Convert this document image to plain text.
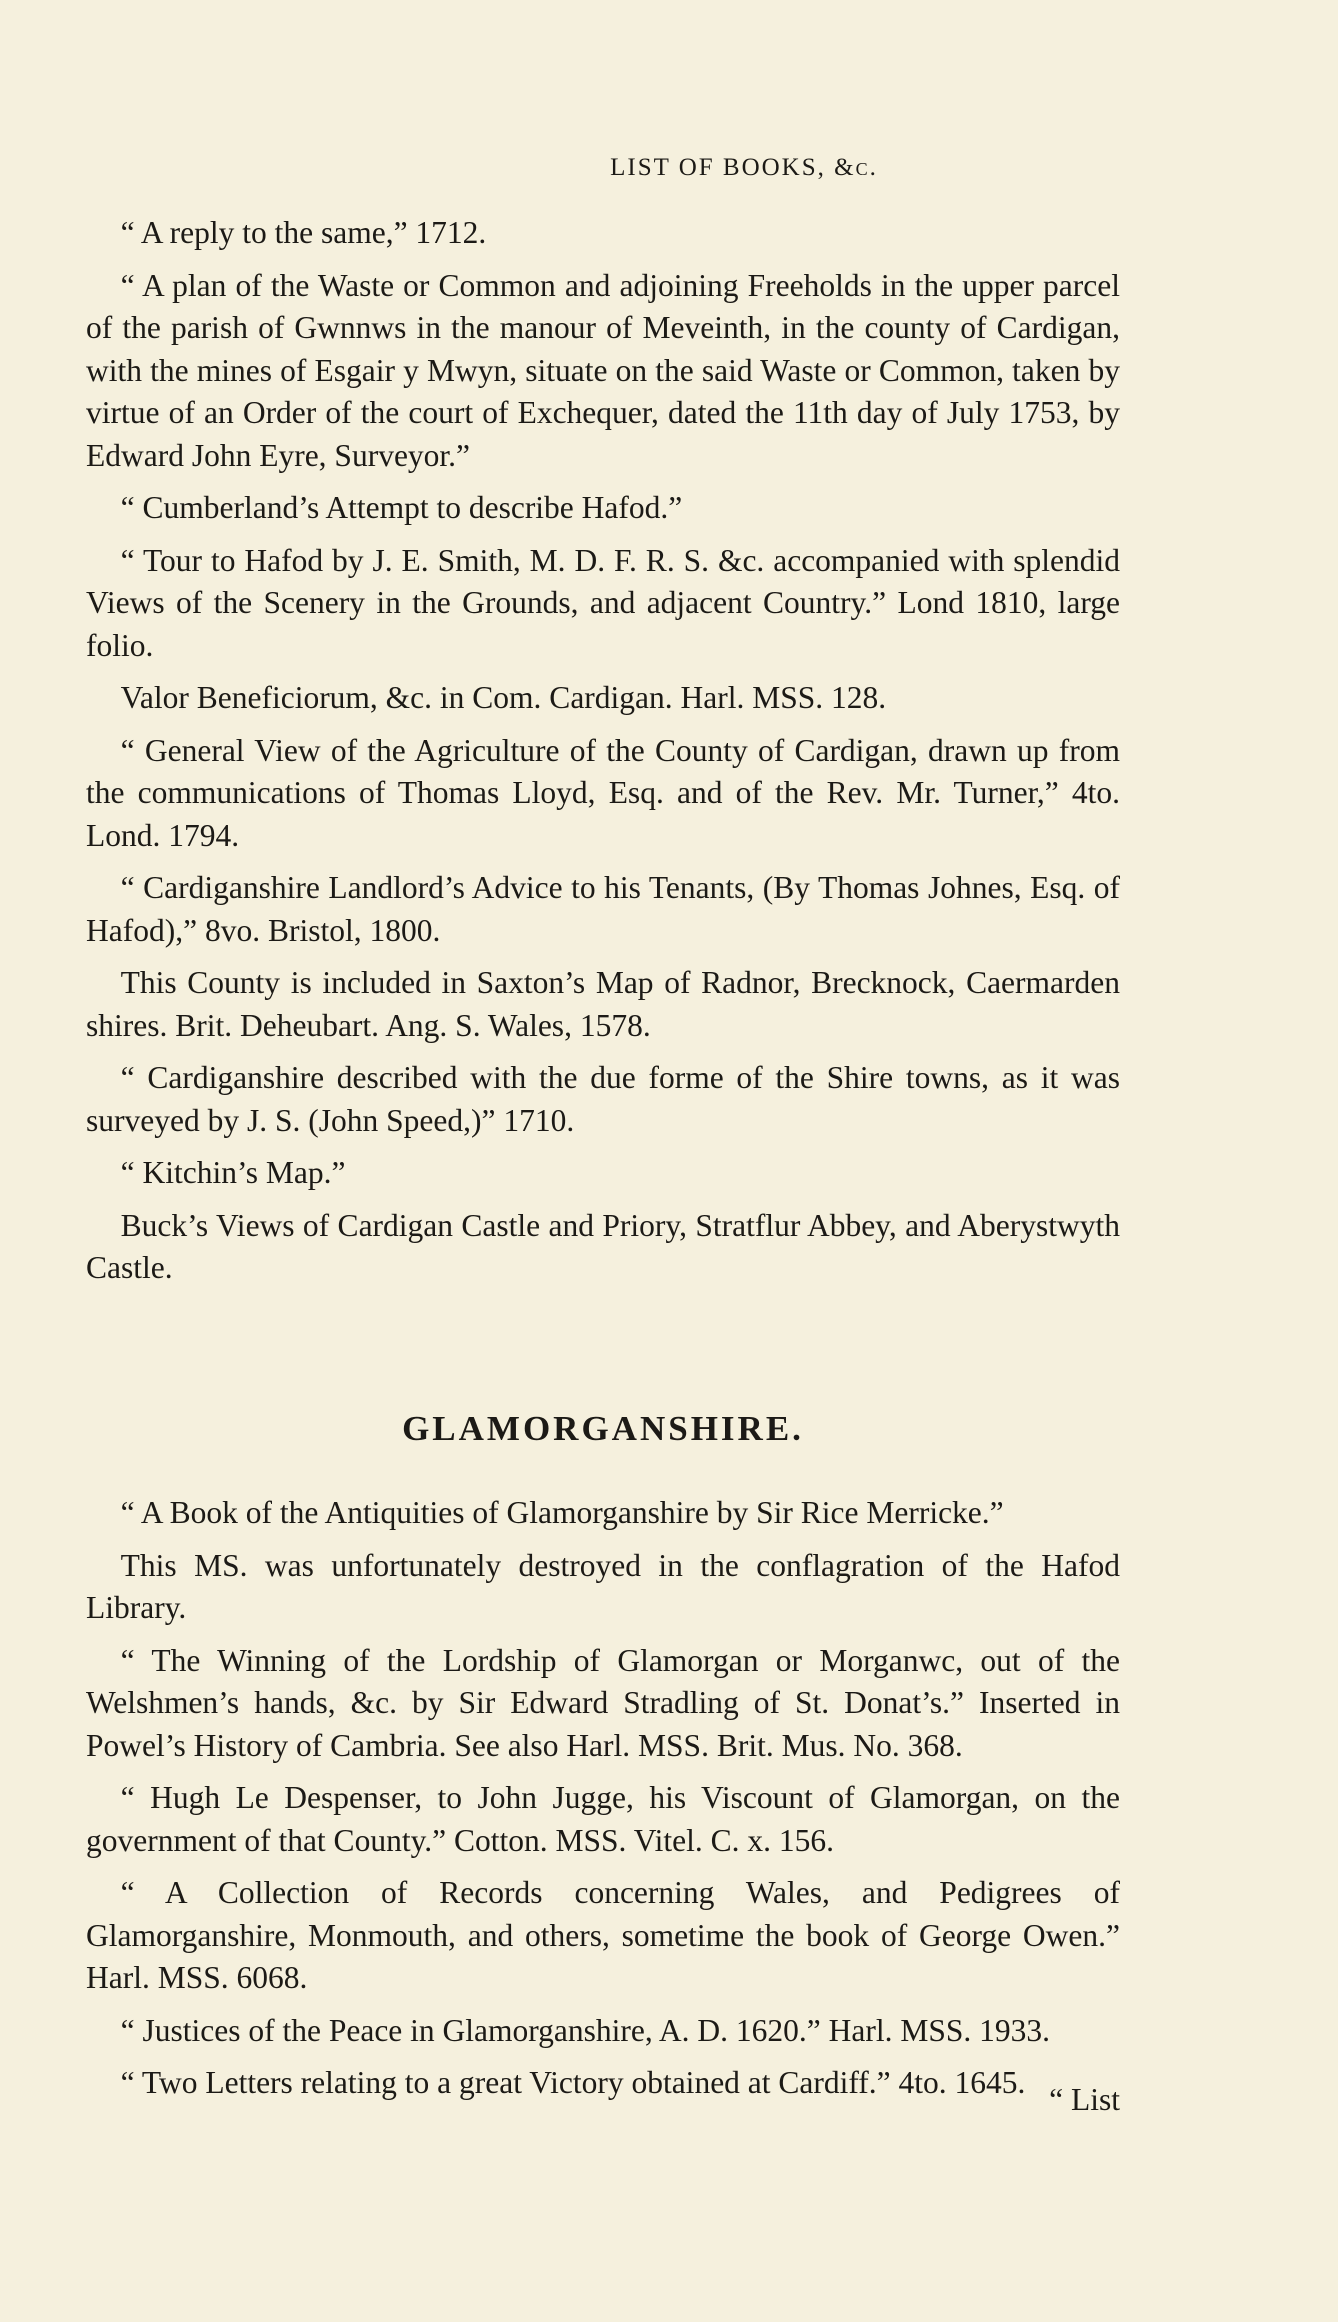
LIST OF BOOKS, &c.

“ A reply to the same,” 1712.

“ A plan of the Waste or Common and adjoining Freeholds in the upper parcel of the parish of Gwnnws in the manour of Meveinth, in the county of Cardigan, with the mines of Esgair y Mwyn, situate on the said Waste or Common, taken by virtue of an Order of the court of Exchequer, dated the 11th day of July 1753, by Edward John Eyre, Surveyor.”

“ Cumberland’s Attempt to describe Hafod.”

“ Tour to Hafod by J. E. Smith, M. D. F. R. S. &c. accompanied with splendid Views of the Scenery in the Grounds, and adjacent Country.” Lond 1810, large folio.

Valor Beneficiorum, &c. in Com. Cardigan. Harl. MSS. 128.

“ General View of the Agriculture of the County of Cardigan, drawn up from the communications of Thomas Lloyd, Esq. and of the Rev. Mr. Turner,” 4to. Lond. 1794.

“ Cardiganshire Landlord’s Advice to his Tenants, (By Thomas Johnes, Esq. of Hafod),” 8vo. Bristol, 1800.

This County is included in Saxton’s Map of Radnor, Brecknock, Caermarden shires. Brit. Deheubart. Ang. S. Wales, 1578.

“ Cardiganshire described with the due forme of the Shire towns, as it was surveyed by J. S. (John Speed,)” 1710.

“ Kitchin’s Map.”

Buck’s Views of Cardigan Castle and Priory, Stratflur Abbey, and Aberystwyth Castle.

GLAMORGANSHIRE.

“ A Book of the Antiquities of Glamorganshire by Sir Rice Merricke.”

This MS. was unfortunately destroyed in the conflagration of the Hafod Library.

“ The Winning of the Lordship of Glamorgan or Morganwc, out of the Welshmen’s hands, &c. by Sir Edward Stradling of St. Donat’s.” Inserted in Powel’s History of Cambria. See also Harl. MSS. Brit. Mus. No. 368.

“ Hugh Le Despenser, to John Jugge, his Viscount of Glamorgan, on the government of that County.” Cotton. MSS. Vitel. C. x. 156.

“ A Collection of Records concerning Wales, and Pedigrees of Glamorganshire, Monmouth, and others, sometime the book of George Owen.” Harl. MSS. 6068.

“ Justices of the Peace in Glamorganshire, A. D. 1620.” Harl. MSS. 1933.

“ Two Letters relating to a great Victory obtained at Cardiff.” 4to. 1645. “ List
